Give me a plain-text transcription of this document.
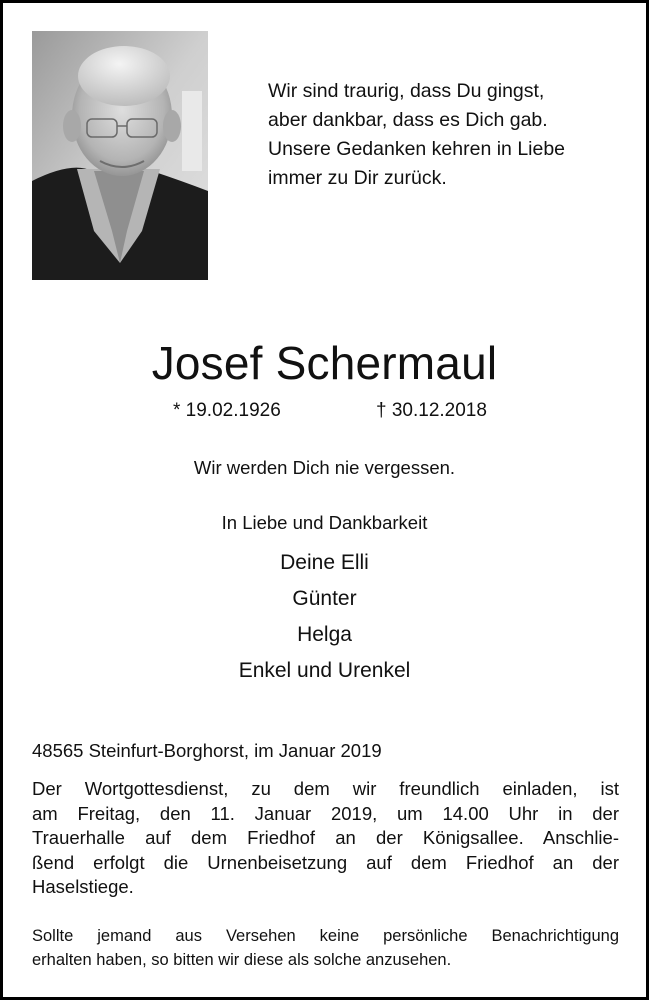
Wir sind traurig, dass Du gingst,
aber dankbar, dass es Dich gab.
Unsere Gedanken kehren in Liebe
immer zu Dir zurück.
Josef Schermaul
* 19.02.1926	† 30.12.2018
Wir werden Dich nie vergessen.
In Liebe und Dankbarkeit
Deine Elli
Günter
Helga
Enkel und Urenkel
48565 Steinfurt-Borghorst, im Januar 2019
Der Wortgottesdienst, zu dem wir freundlich einladen, ist
am Freitag, den 11. Januar 2019, um 14.00 Uhr in der
Trauerhalle auf dem Friedhof an der Königsallee. Anschlie-
ßend erfolgt die Urnenbeisetzung auf dem Friedhof an der
Haselstiege.
Sollte jemand aus Versehen keine persönliche Benachrichtigung
erhalten haben, so bitten wir diese als solche anzusehen.
